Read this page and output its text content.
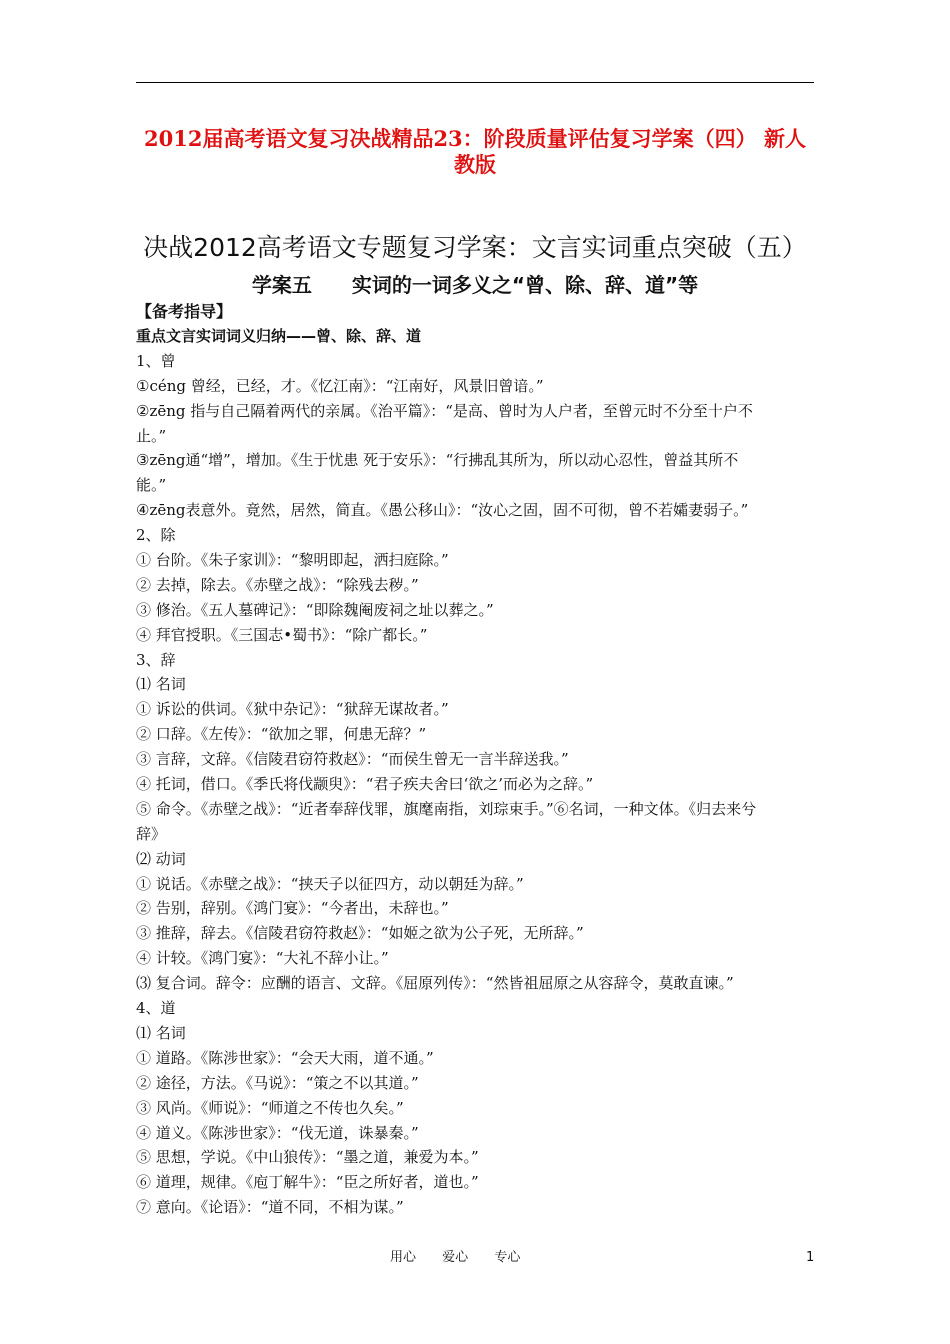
2012届高考语文复习决战精品23：阶段质量评估复习学案（四） 新人教版
决战2012高考语文专题复习学案：文言实词重点突破（五）
学案五　　实词的一词多义之“曾、除、辞、道”等
【备考指导】
重点文言实词词义归纳——曾、除、辞、道
1、曾
①céng 曾经，已经，才。《忆江南》：“江南好，风景旧曾谙。”
②zēng 指与自己隔着两代的亲属。《治平篇》：“是高、曾时为人户者，至曾元时不分至十户不
止。”
③zēng通“增”，增加。《生于忧患 死于安乐》：“行拂乱其所为，所以动心忍性，曾益其所不
能。”
④zēng表意外。竟然，居然，简直。《愚公移山》：“汝心之固，固不可彻，曾不若孀妻弱子。”
2、除
① 台阶。《朱子家训》：“黎明即起，洒扫庭除。”
② 去掉，除去。《赤壁之战》：“除残去秽。”
③ 修治。《五人墓碑记》：“即除魏阉废祠之址以葬之。”
④ 拜官授职。《三国志•蜀书》：“除广都长。”
3、辞
⑴ 名词
① 诉讼的供词。《狱中杂记》：“狱辞无谋故者。”
② 口辞。《左传》：“欲加之罪，何患无辞？”
③ 言辞，文辞。《信陵君窃符救赵》：“而侯生曾无一言半辞送我。”
④ 托词，借口。《季氏将伐颛臾》：“君子疾夫舍曰‘欲之’而必为之辞。”
⑤ 命令。《赤壁之战》：“近者奉辞伐罪，旗麾南指，刘琮束手。”⑥名词，一种文体。《归去来兮
辞》
⑵ 动词
① 说话。《赤壁之战》：“挟天子以征四方，动以朝廷为辞。”
② 告别，辞别。《鸿门宴》：“今者出，未辞也。”
③ 推辞，辞去。《信陵君窃符救赵》：“如姬之欲为公子死，无所辞。”
④ 计较。《鸿门宴》：“大礼不辞小让。”
⑶ 复合词。辞令：应酬的语言、文辞。《屈原列传》：“然皆祖屈原之从容辞令，莫敢直谏。”
4、道
⑴ 名词
① 道路。《陈涉世家》：“会天大雨，道不通。”
② 途径，方法。《马说》：“策之不以其道。”
③ 风尚。《师说》：“师道之不传也久矣。”
④ 道义。《陈涉世家》：“伐无道，诛暴秦。”
⑤ 思想，学说。《中山狼传》：“墨之道，兼爱为本。”
⑥ 道理，规律。《庖丁解牛》：“臣之所好者，道也。”
⑦ 意向。《论语》：“道不同，不相为谋。”
用心 爱心 专心	1
